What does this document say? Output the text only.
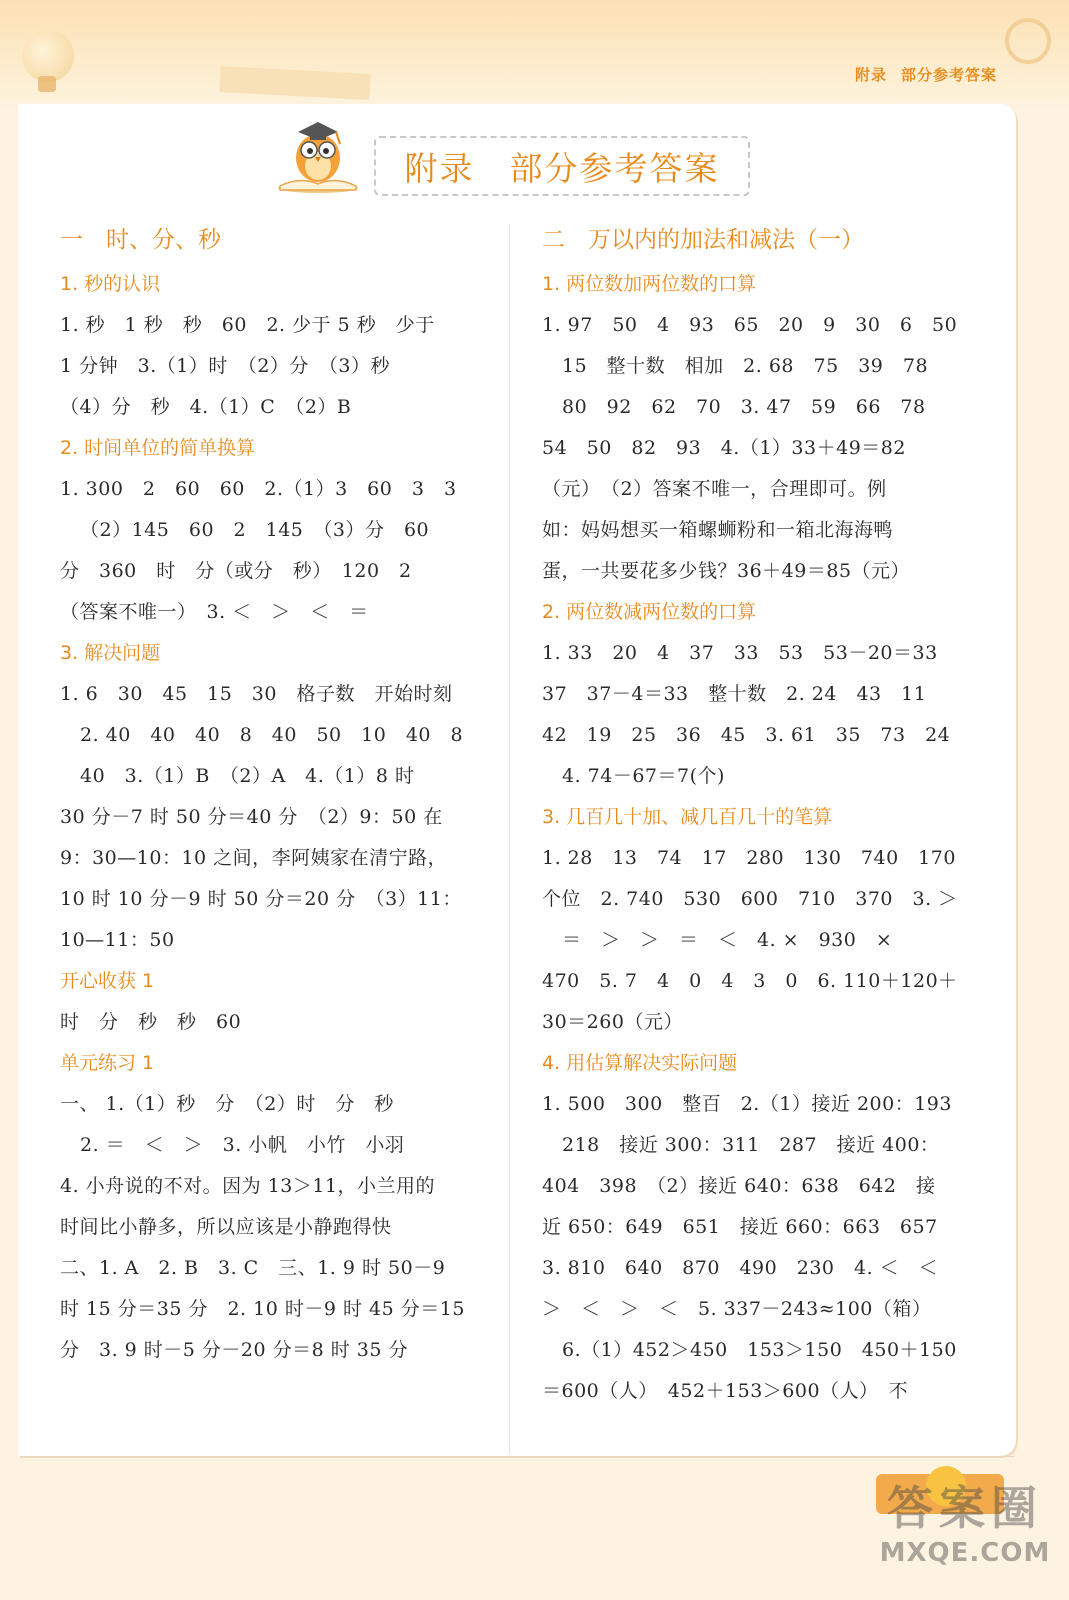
附录 部分参考答案
附录　部分参考答案
一　时、分、秒
1. 秒的认识
1. 秒　1 秒　秒　60　2. 少于 5 秒　少于
1 分钟　3.（1）时　（2）分　（3）秒
（4）分　秒　4.（1）C　（2）B
2. 时间单位的简单换算
1. 300　2　60　60　2.（1）3　60　3　3
（2）145　60　2　145　（3）分　60
分　360　时　分（或分　秒）　120　2
（答案不唯一）　3. ＜　＞　＜　＝
3. 解决问题
1. 6　30　45　15　30　格子数　开始时刻
2. 40　40　40　8　40　50　10　40　8
40　3.（1）B　（2）A　4.（1）8 时
30 分－7 时 50 分＝40 分　（2）9：50 在
9：30—10：10 之间，李阿姨家在清宁路，
10 时 10 分－9 时 50 分＝20 分　（3）11：
10—11：50
开心收获 1
时　分　秒　秒　60
单元练习 1
一、 1.（1）秒　分　（2）时　分　秒
2. ＝　＜　＞　3. 小帆　小竹　小羽
4. 小舟说的不对。因为 13＞11，小兰用的
时间比小静多，所以应该是小静跑得快
二、1. A　2. B　3. C　三、1. 9 时 50－9
时 15 分＝35 分　2. 10 时－9 时 45 分＝15
分　3. 9 时－5 分－20 分＝8 时 35 分
二　万以内的加法和减法（一）
1. 两位数加两位数的口算
1. 97　50　4　93　65　20　9　30　6　50
15　整十数　相加　2. 68　75　39　78
80　92　62　70　3. 47　59　66　78
54　50　82　93　4.（1）33＋49＝82
（元）　（2）答案不唯一，合理即可。例
如：妈妈想买一箱螺蛳粉和一箱北海海鸭
蛋，一共要花多少钱？36＋49＝85（元）
2. 两位数减两位数的口算
1. 33　20　4　37　33　53　53－20＝33
37　37－4＝33　整十数　2. 24　43　11
42　19　25　36　45　3. 61　35　73　24
4. 74－67＝7(个)
3. 几百几十加、减几百几十的笔算
1. 28　13　74　17　280　130　740　170
个位　2. 740　530　600　710　370　3. ＞
＝　＞　＞　＝　＜　4. ×　930　×
470　5. 7　4　0　4　3　0　6. 110＋120＋
30＝260（元）
4. 用估算解决实际问题
1. 500　300　整百　2.（1）接近 200：193
218　接近 300：311　287　接近 400：
404　398　（2）接近 640：638　642　接
近 650：649　651　接近 660：663　657
3. 810　640　870　490　230　4. ＜　＜
＞　＜　＞　＜　5. 337－243≈100（箱）
6.（1）452＞450　153＞150　450＋150
＝600（人）　452＋153＞600（人）　不
答案圈
MXQE.COM
